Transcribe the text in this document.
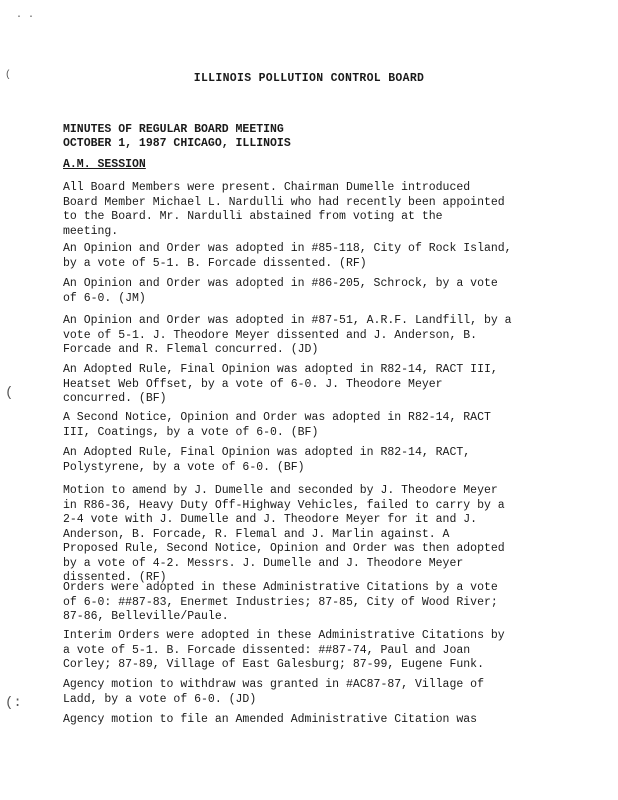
· ·
(
(
(:
ILLINOIS POLLUTION CONTROL BOARD
MINUTES OF REGULAR BOARD MEETING
OCTOBER 1, 1987 CHICAGO, ILLINOIS
A.M. SESSION
All Board Members were present. Chairman Dumelle introduced
Board Member Michael L. Nardulli who had recently been appointed
to the Board. Mr. Nardulli abstained from voting at the
meeting.
An Opinion and Order was adopted in #85-118, City of Rock Island,
by a vote of 5-1. B. Forcade dissented. (RF)
An Opinion and Order was adopted in #86-205, Schrock, by a vote
of 6-0. (JM)
An Opinion and Order was adopted in #87-51, A.R.F. Landfill, by a
vote of 5-1. J. Theodore Meyer dissented and J. Anderson, B.
Forcade and R. Flemal concurred. (JD)
An Adopted Rule, Final Opinion was adopted in R82-14, RACT III,
Heatset Web Offset, by a vote of 6-0. J. Theodore Meyer
concurred. (BF)
A Second Notice, Opinion and Order was adopted in R82-14, RACT
III, Coatings, by a vote of 6-0. (BF)
An Adopted Rule, Final Opinion was adopted in R82-14, RACT,
Polystyrene, by a vote of 6-0. (BF)
Motion to amend by J. Dumelle and seconded by J. Theodore Meyer
in R86-36, Heavy Duty Off-Highway Vehicles, failed to carry by a
2-4 vote with J. Dumelle and J. Theodore Meyer for it and J.
Anderson, B. Forcade, R. Flemal and J. Marlin against. A
Proposed Rule, Second Notice, Opinion and Order was then adopted
by a vote of 4-2. Messrs. J. Dumelle and J. Theodore Meyer
dissented. (RF)
Orders were adopted in these Administrative Citations by a vote
of 6-0: ##87-83, Enermet Industries; 87-85, City of Wood River;
87-86, Belleville/Paule.
Interim Orders were adopted in these Administrative Citations by
a vote of 5-1. B. Forcade dissented: ##87-74, Paul and Joan
Corley; 87-89, Village of East Galesburg; 87-99, Eugene Funk.
Agency motion to withdraw was granted in #AC87-87, Village of
Ladd, by a vote of 6-0. (JD)
Agency motion to file an Amended Administrative Citation was
